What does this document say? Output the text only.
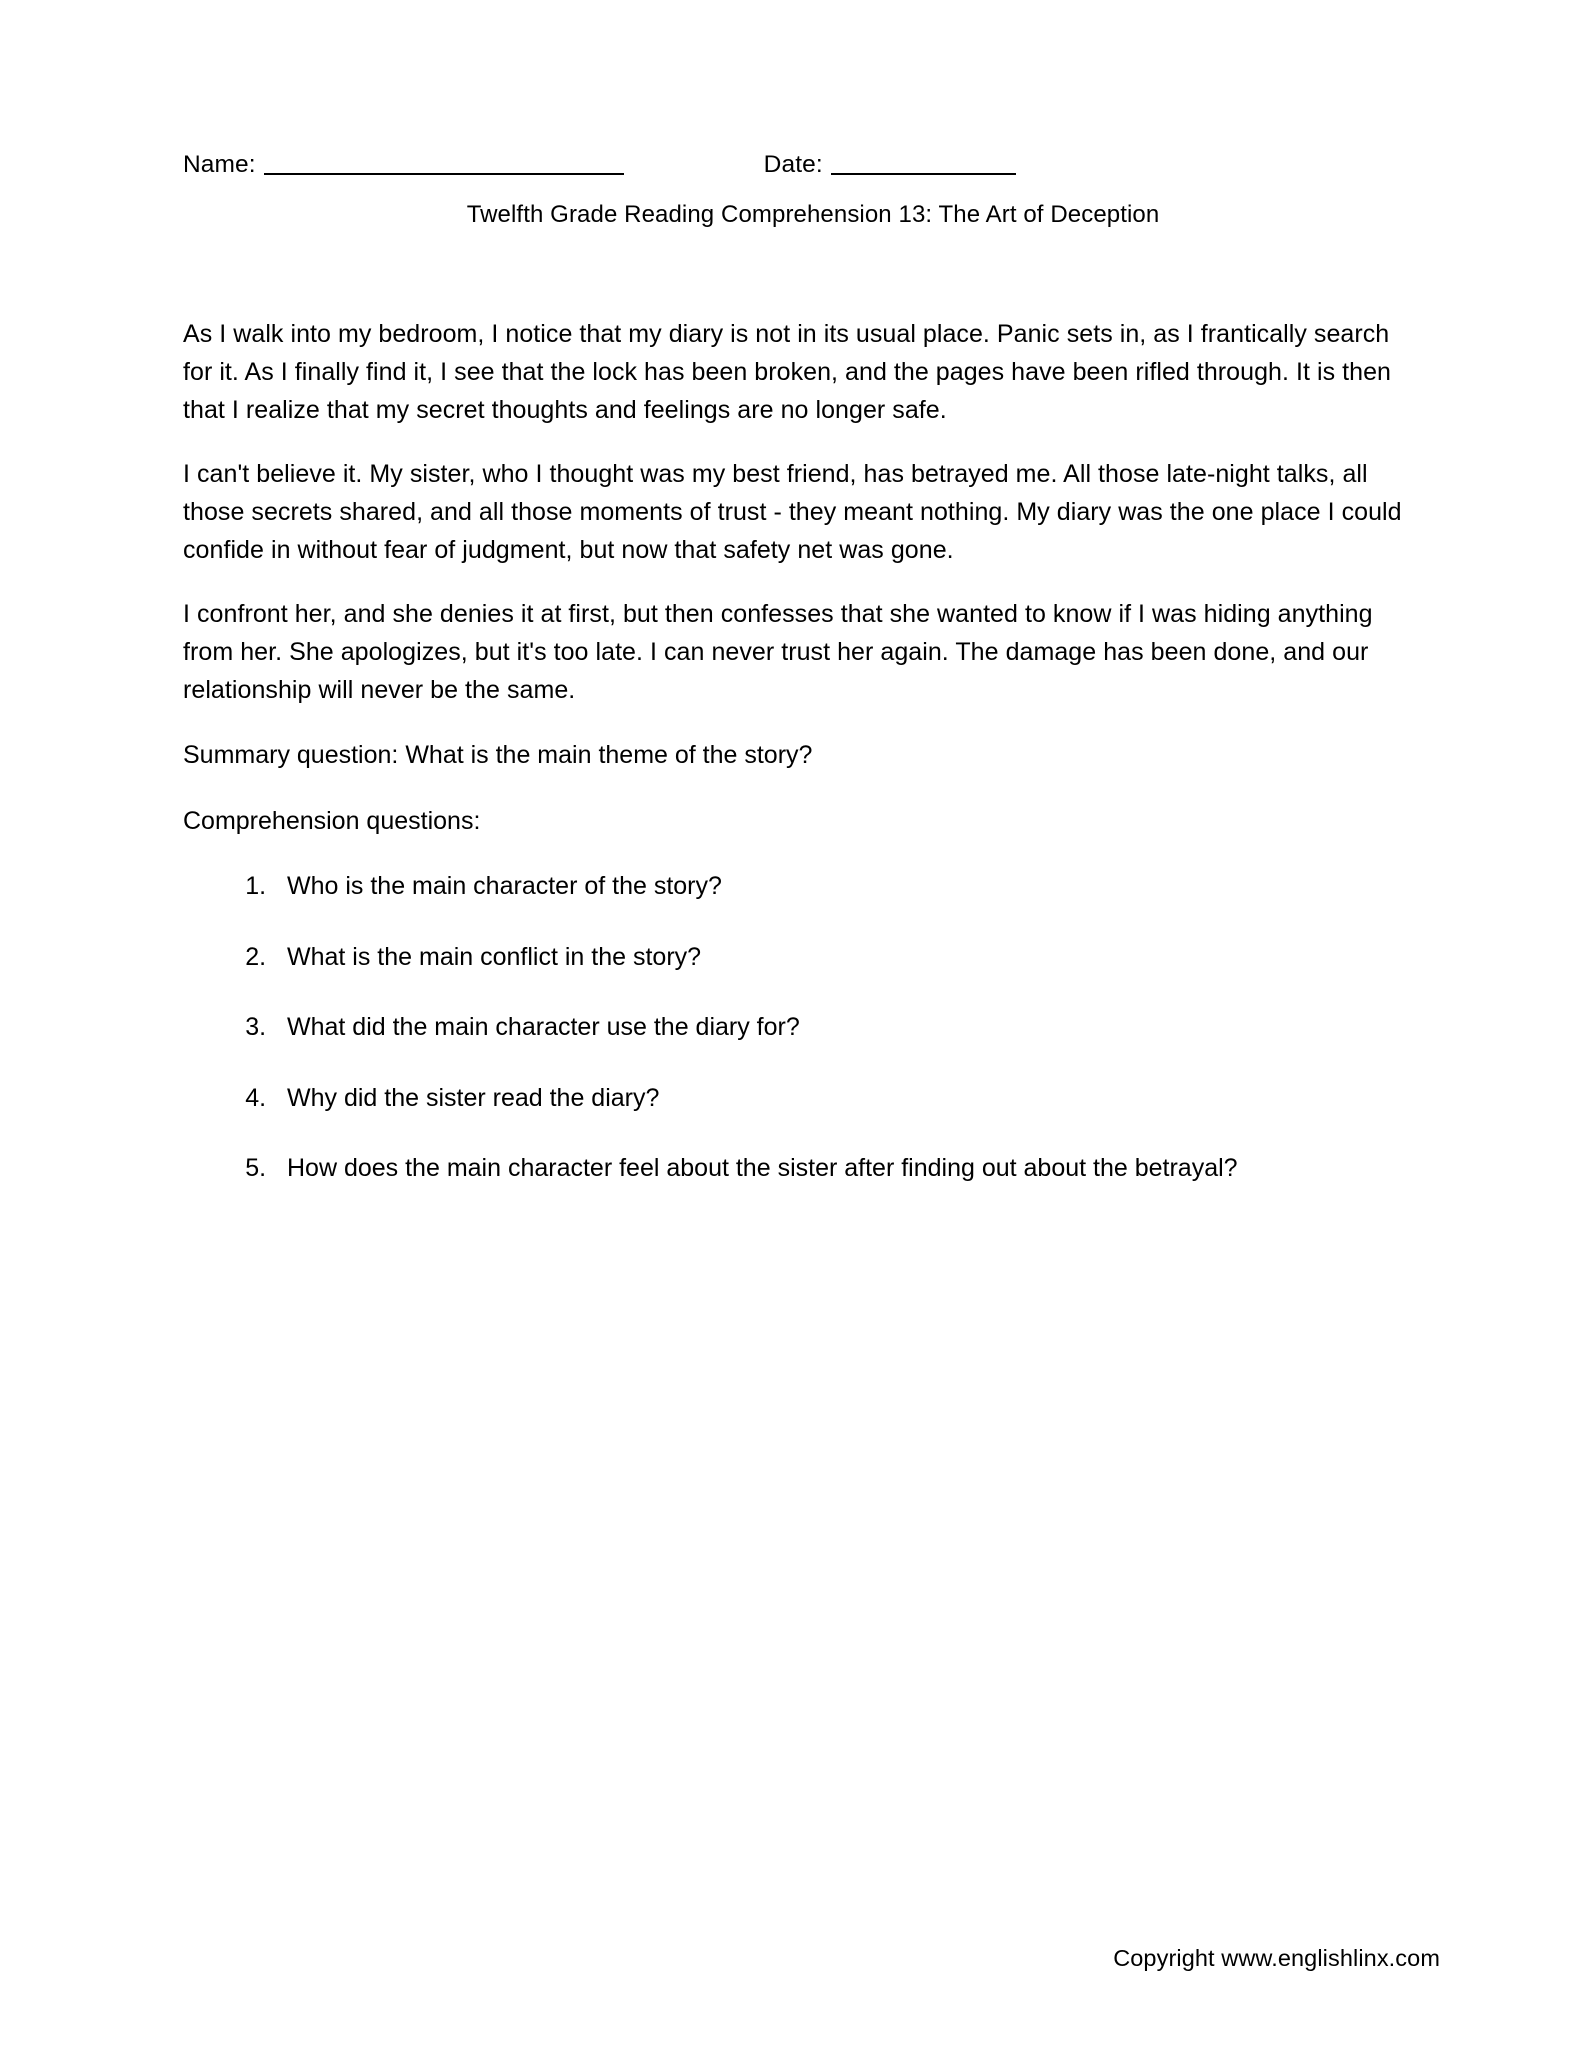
Name:	Date:
Twelfth Grade Reading Comprehension 13: The Art of Deception

As I walk into my bedroom, I notice that my diary is not in its usual place. Panic sets in, as I frantically search for it. As I finally find it, I see that the lock has been broken, and the pages have been rifled through. It is then that I realize that my secret thoughts and feelings are no longer safe.

I can't believe it. My sister, who I thought was my best friend, has betrayed me. All those late-night talks, all those secrets shared, and all those moments of trust - they meant nothing. My diary was the one place I could confide in without fear of judgment, but now that safety net was gone.

I confront her, and she denies it at first, but then confesses that she wanted to know if I was hiding anything from her. She apologizes, but it's too late. I can never trust her again. The damage has been done, and our relationship will never be the same.

Summary question: What is the main theme of the story?

Comprehension questions:

1. Who is the main character of the story?
2. What is the main conflict in the story?
3. What did the main character use the diary for?
4. Why did the sister read the diary?
5. How does the main character feel about the sister after finding out about the betrayal?
Copyright www.englishlinx.com
